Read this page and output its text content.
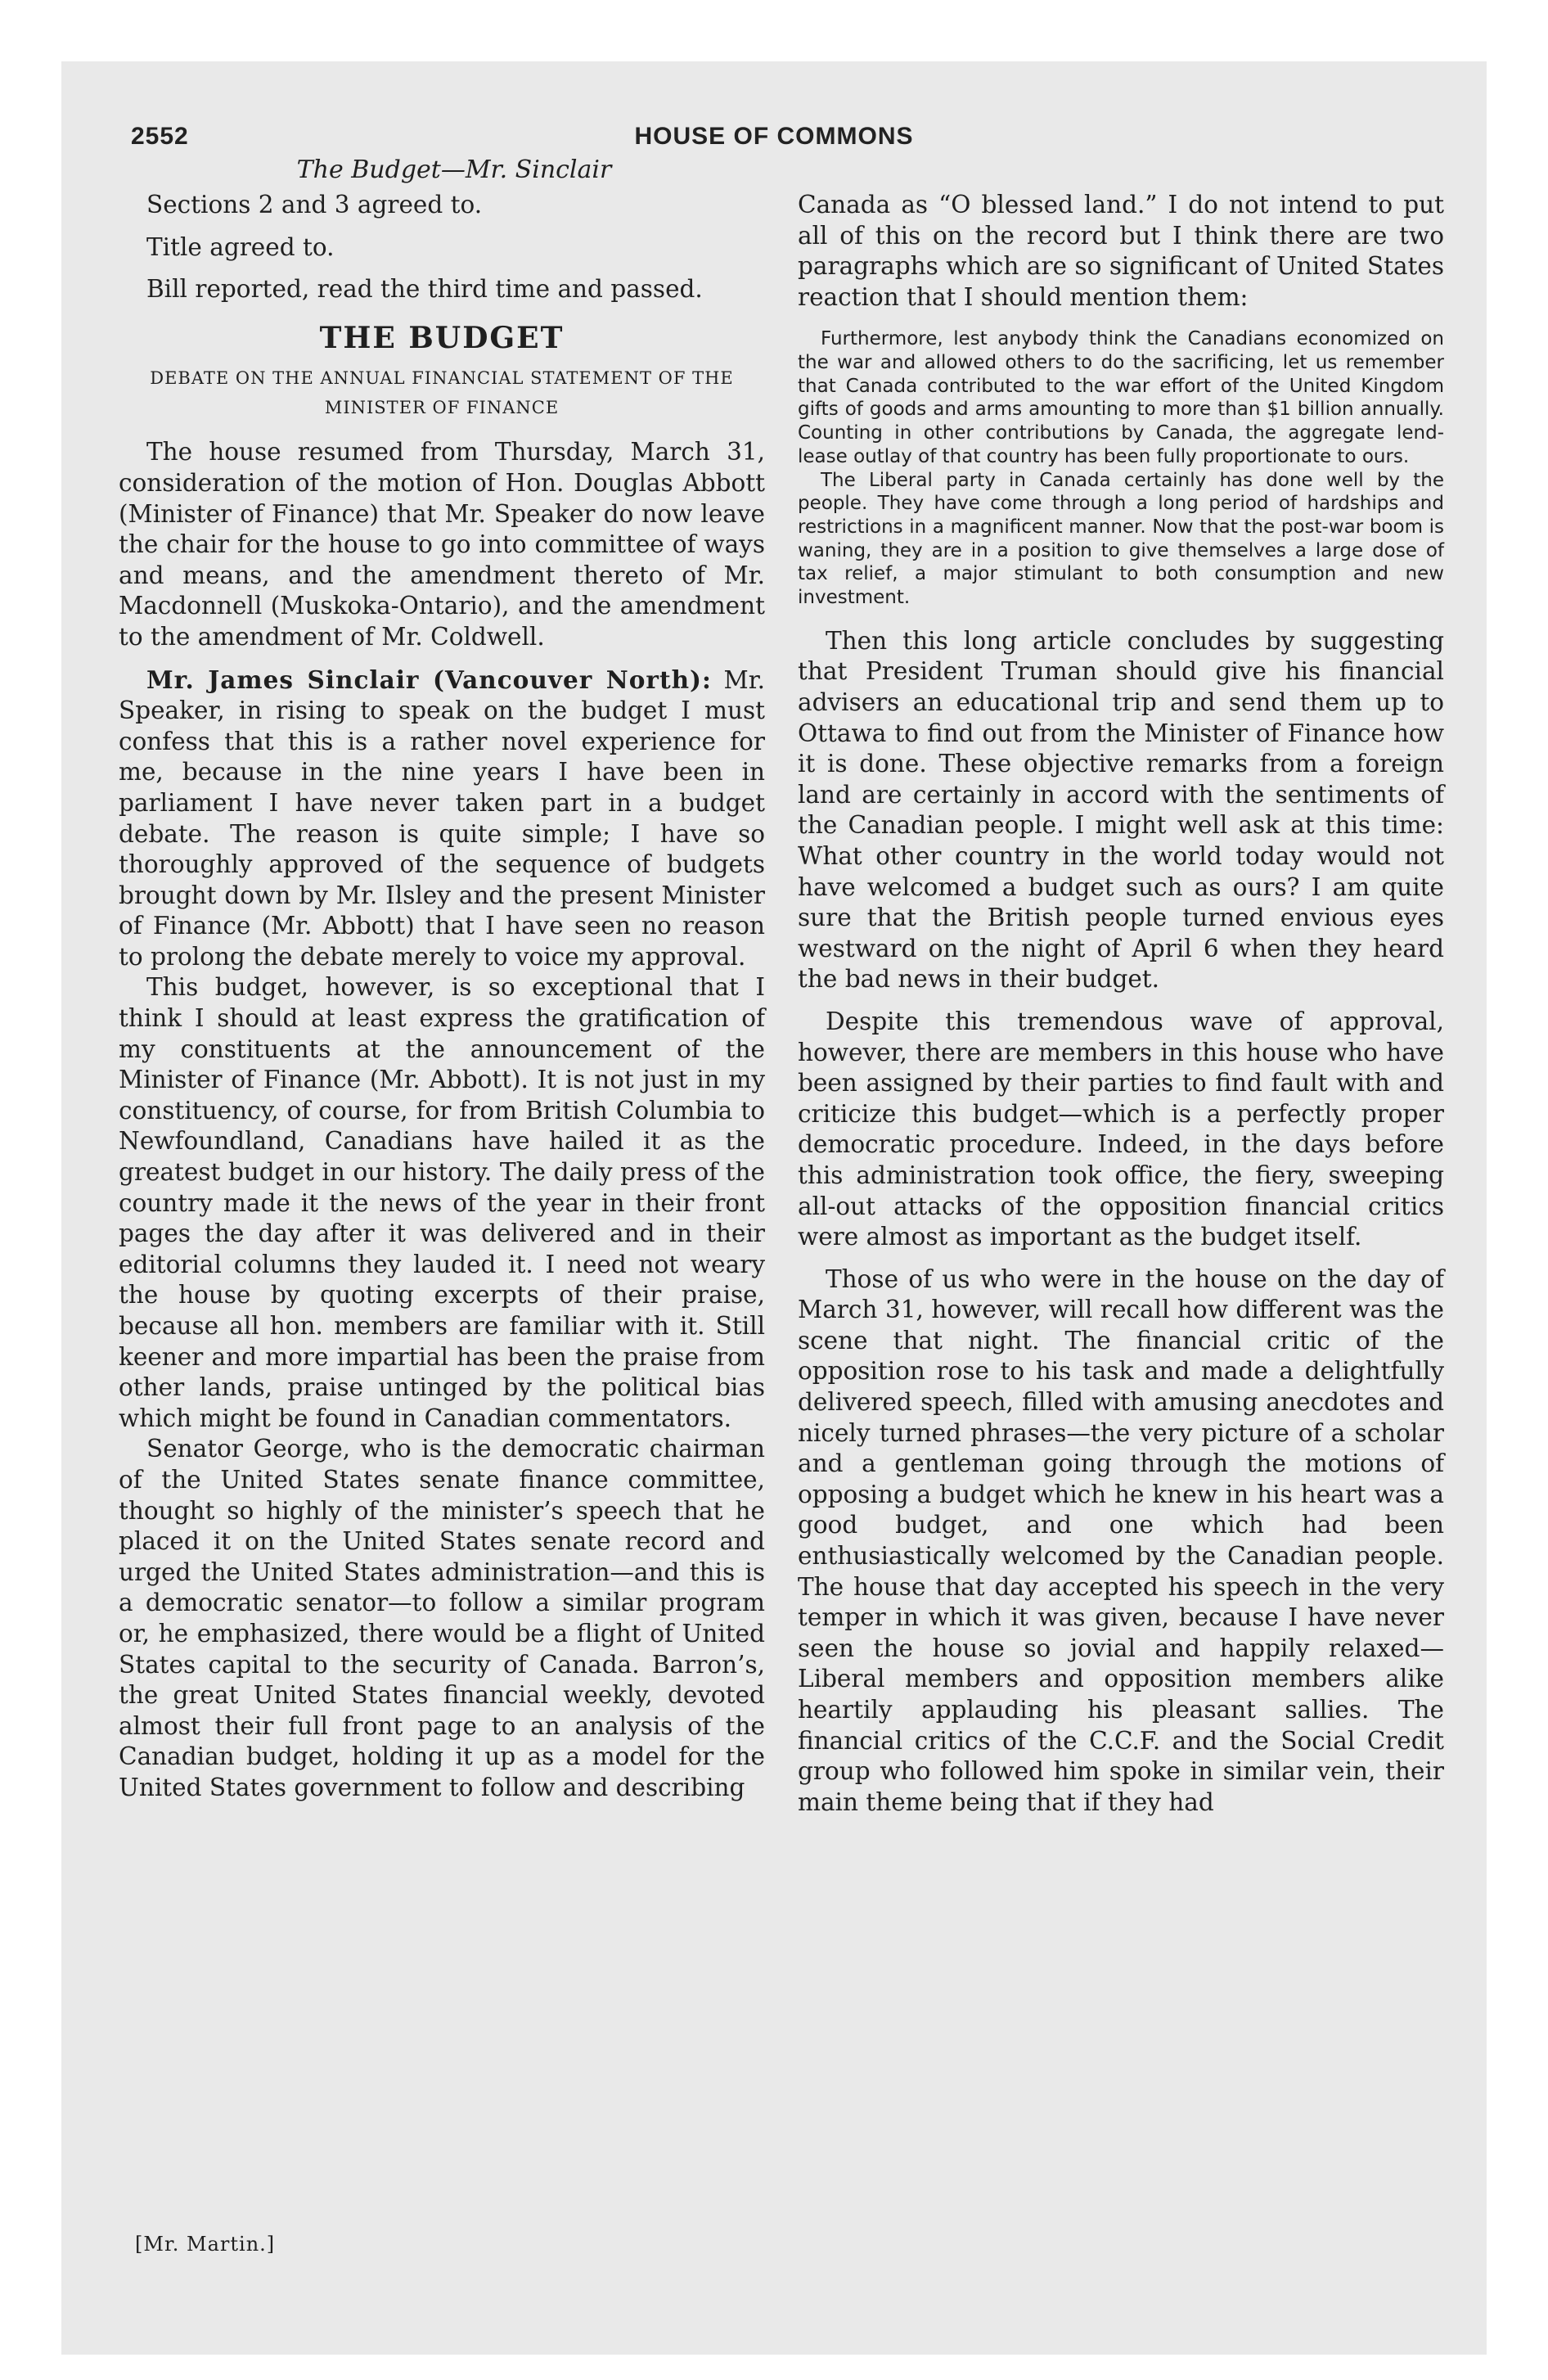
2552	HOUSE OF COMMONS
The Budget—Mr. Sinclair

Sections 2 and 3 agreed to.

Title agreed to.

Bill reported, read the third time and passed.

THE BUDGET
DEBATE ON THE ANNUAL FINANCIAL STATEMENT OF THE MINISTER OF FINANCE

The house resumed from Thursday, March 31, consideration of the motion of Hon. Douglas Abbott (Minister of Finance) that Mr. Speaker do now leave the chair for the house to go into committee of ways and means, and the amendment thereto of Mr. Macdonnell (Muskoka-Ontario), and the amendment to the amendment of Mr. Coldwell.

Mr. James Sinclair (Vancouver North): Mr. Speaker, in rising to speak on the budget I must confess that this is a rather novel experience for me, because in the nine years I have been in parliament I have never taken part in a budget debate. The reason is quite simple; I have so thoroughly approved of the sequence of budgets brought down by Mr. Ilsley and the present Minister of Finance (Mr. Abbott) that I have seen no reason to prolong the debate merely to voice my approval.

This budget, however, is so exceptional that I think I should at least express the gratification of my constituents at the announcement of the Minister of Finance (Mr. Abbott). It is not just in my constituency, of course, for from British Columbia to Newfoundland, Canadians have hailed it as the greatest budget in our history. The daily press of the country made it the news of the year in their front pages the day after it was delivered and in their editorial columns they lauded it. I need not weary the house by quoting excerpts of their praise, because all hon. members are familiar with it. Still keener and more impartial has been the praise from other lands, praise untinged by the political bias which might be found in Canadian commentators.

Senator George, who is the democratic chairman of the United States senate finance committee, thought so highly of the minister’s speech that he placed it on the United States senate record and urged the United States administration—and this is a democratic senator—to follow a similar program or, he emphasized, there would be a flight of United States capital to the security of Canada. Barron’s, the great United States financial weekly, devoted almost their full front page to an analysis of the Canadian budget, holding it up as a model for the United States government to follow and describing

Canada as “O blessed land.” I do not intend to put all of this on the record but I think there are two paragraphs which are so significant of United States reaction that I should mention them:

Furthermore, lest anybody think the Canadians economized on the war and allowed others to do the sacrificing, let us remember that Canada contributed to the war effort of the United Kingdom gifts of goods and arms amounting to more than $1 billion annually. Counting in other contributions by Canada, the aggregate lend-lease outlay of that country has been fully proportionate to ours.

The Liberal party in Canada certainly has done well by the people. They have come through a long period of hardships and restrictions in a magnificent manner. Now that the post-war boom is waning, they are in a position to give themselves a large dose of tax relief, a major stimulant to both consumption and new investment.

Then this long article concludes by suggesting that President Truman should give his financial advisers an educational trip and send them up to Ottawa to find out from the Minister of Finance how it is done. These objective remarks from a foreign land are certainly in accord with the sentiments of the Canadian people. I might well ask at this time: What other country in the world today would not have welcomed a budget such as ours? I am quite sure that the British people turned envious eyes westward on the night of April 6 when they heard the bad news in their budget.

Despite this tremendous wave of approval, however, there are members in this house who have been assigned by their parties to find fault with and criticize this budget—which is a perfectly proper democratic procedure. Indeed, in the days before this administration took office, the fiery, sweeping all-out attacks of the opposition financial critics were almost as important as the budget itself.

Those of us who were in the house on the day of March 31, however, will recall how different was the scene that night. The financial critic of the opposition rose to his task and made a delightfully delivered speech, filled with amusing anecdotes and nicely turned phrases—the very picture of a scholar and a gentleman going through the motions of opposing a budget which he knew in his heart was a good budget, and one which had been enthusiastically welcomed by the Canadian people. The house that day accepted his speech in the very temper in which it was given, because I have never seen the house so jovial and happily relaxed—Liberal members and opposition members alike heartily applauding his pleasant sallies. The financial critics of the C.C.F. and the Social Credit group who followed him spoke in similar vein, their main theme being that if they had

[Mr. Martin.]
